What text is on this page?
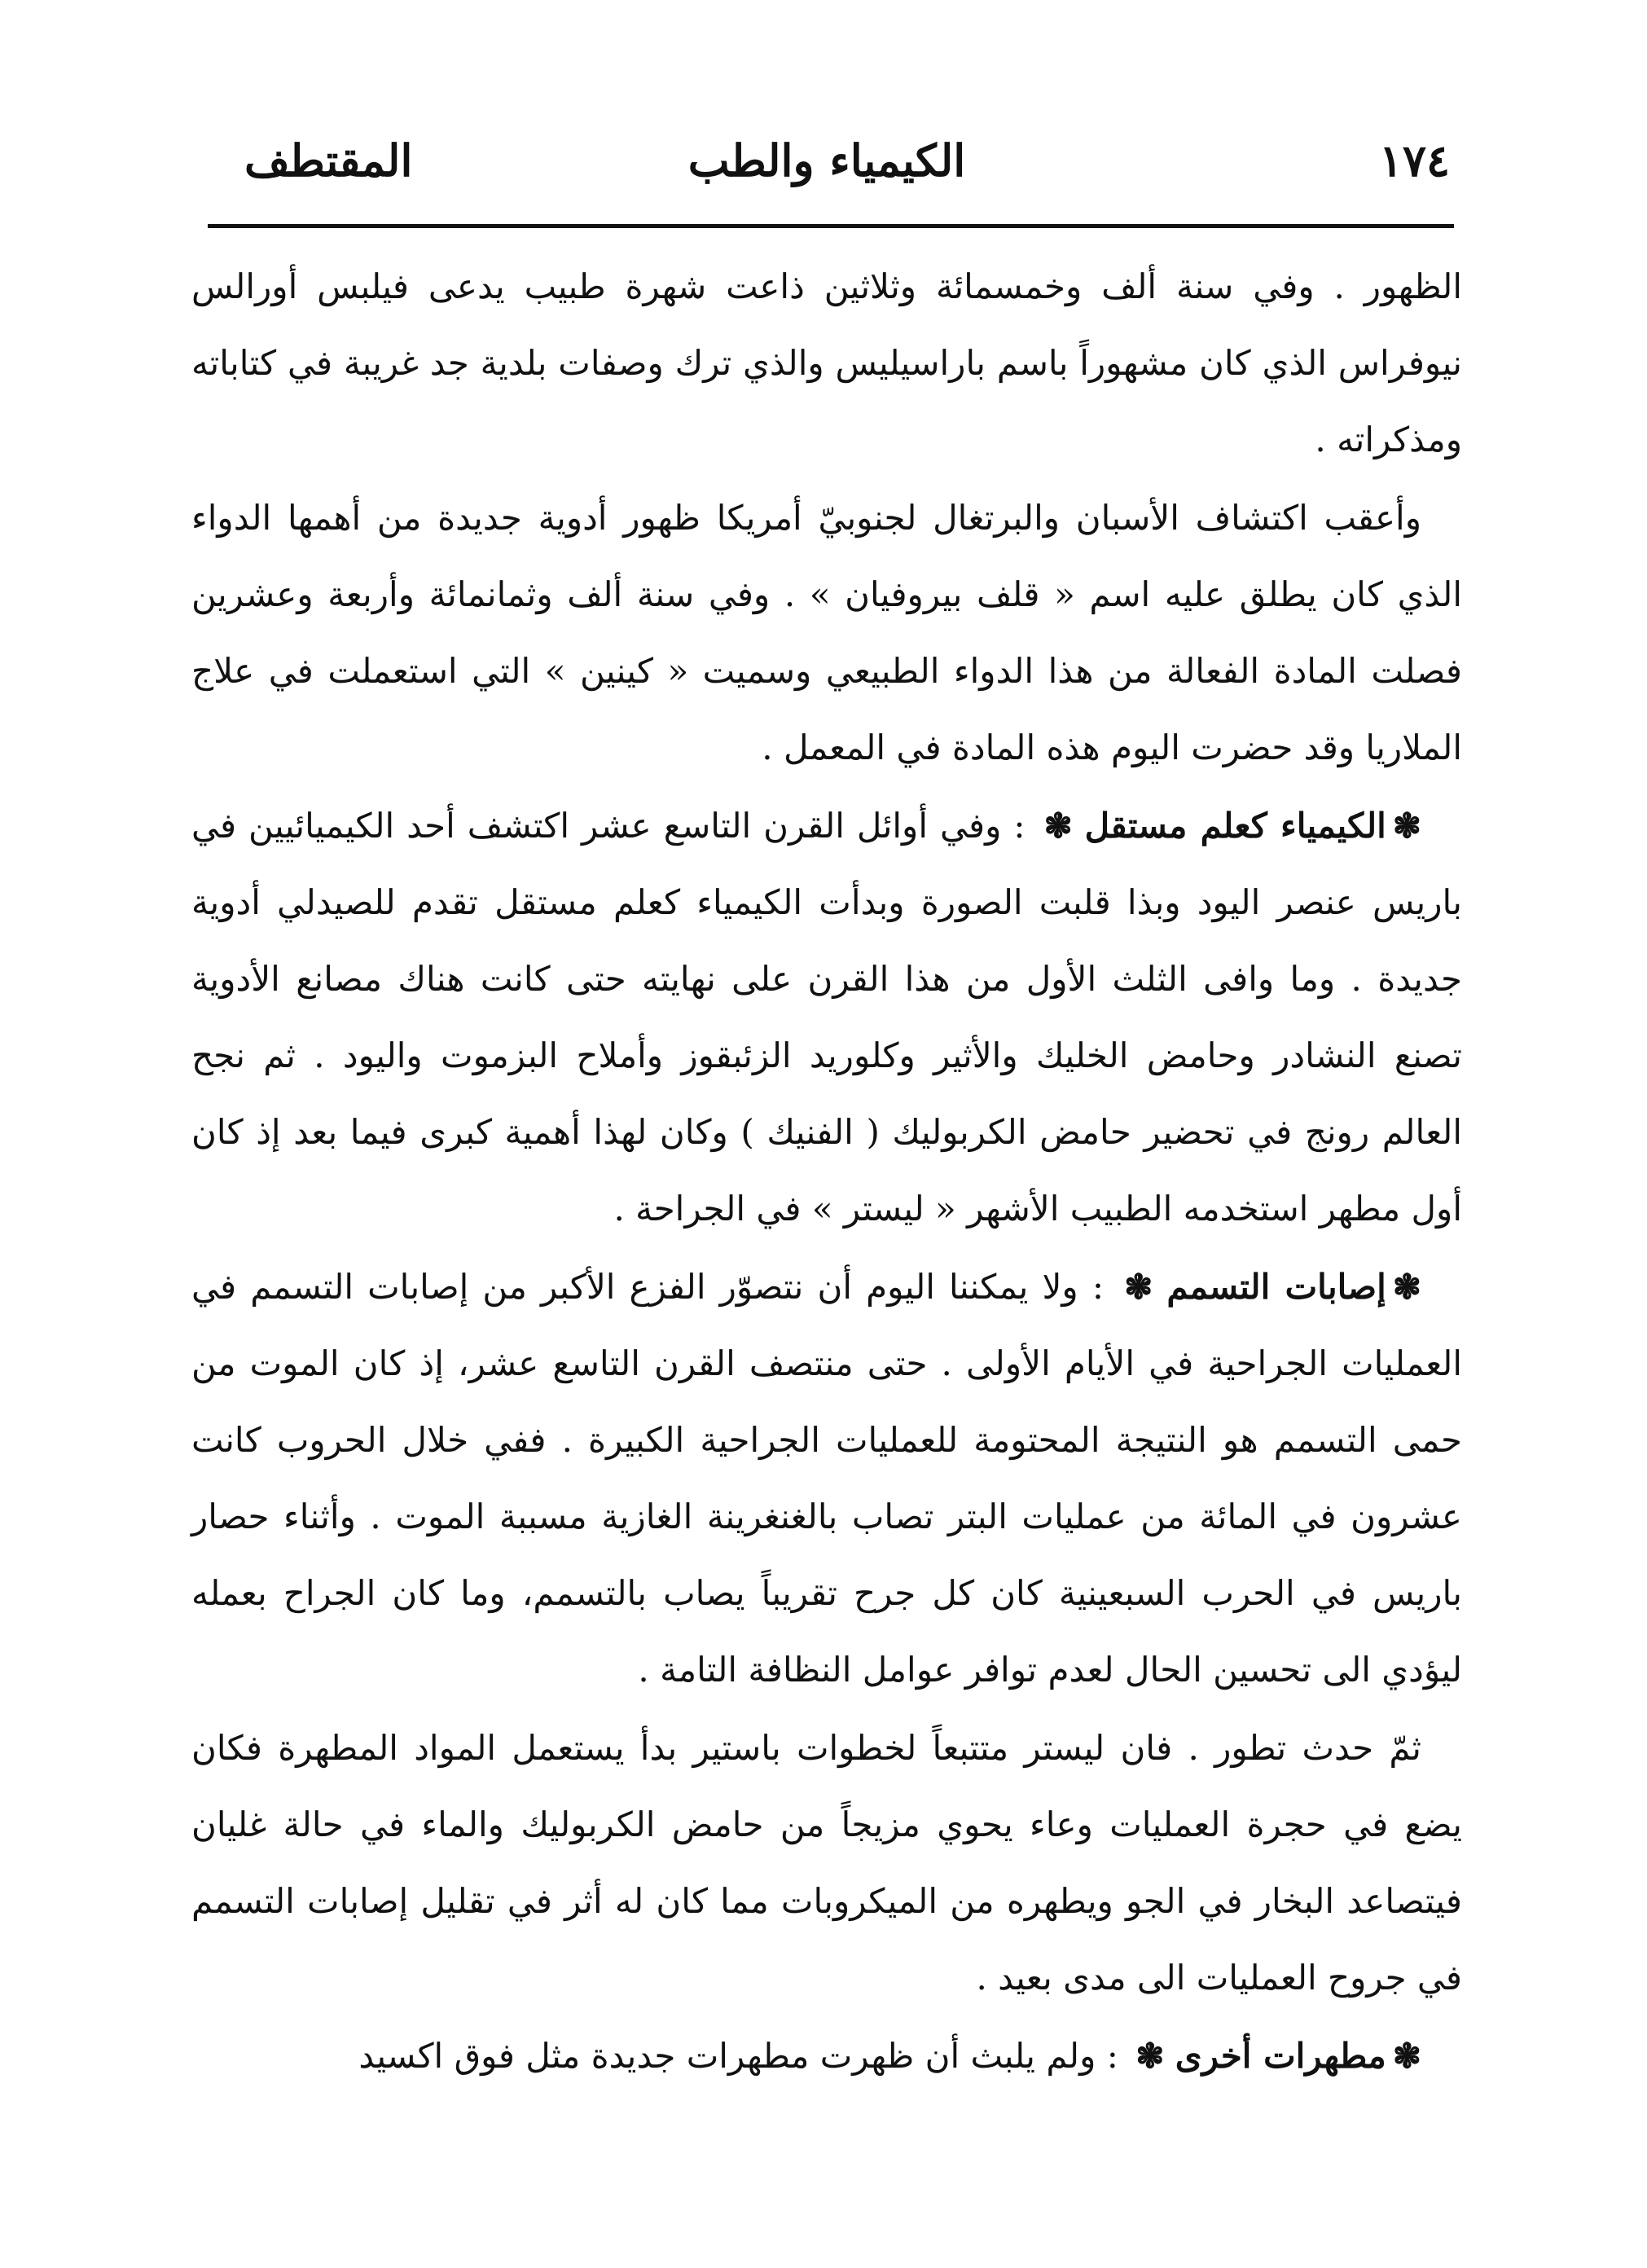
١٧٤
الكيمياء والطب
المقتطف

الظهور . وفي سنة ألف وخمسمائة وثلاثين ذاعت شهرة طبيب يدعى فيلبس أورالس نيوفراس الذي كان مشهوراً باسم باراسيليس والذي ترك وصفات بلدية جد غريبة في كتاباته ومذكراته .

وأعقب اكتشاف الأسبان والبرتغال لجنوبيّ أمريكا ظهور أدوية جديدة من أهمها الدواء الذي كان يطلق عليه اسم « قلف بيروفيان » . وفي سنة ألف وثمانمائة وأربعة وعشرين فصلت المادة الفعالة من هذا الدواء الطبيعي وسميت « كينين » التي استعملت في علاج الملاريا وقد حضرت اليوم هذه المادة في المعمل .

❃الكيمياء كعلم مستقل ❃ : وفي أوائل القرن التاسع عشر اكتشف أحد الكيميائيين في باريس عنصر اليود وبذا قلبت الصورة وبدأت الكيمياء كعلم مستقل تقدم للصيدلي أدوية جديدة . وما وافى الثلث الأول من هذا القرن على نهايته حتى كانت هناك مصانع الأدوية تصنع النشادر وحامض الخليك والأثير وكلوريد الزئبقوز وأملاح البزموت واليود . ثم نجح العالم رونج في تحضير حامض الكربوليك ( الفنيك ) وكان لهذا أهمية كبرى فيما بعد إذ كان أول مطهر استخدمه الطبيب الأشهر « ليستر » في الجراحة .

❃إصابات التسمم ❃ : ولا يمكننا اليوم أن نتصوّر الفزع الأكبر من إصابات التسمم في العمليات الجراحية في الأيام الأولى . حتى منتصف القرن التاسع عشر، إذ كان الموت من حمى التسمم هو النتيجة المحتومة للعمليات الجراحية الكبيرة . ففي خلال الحروب كانت عشرون في المائة من عمليات البتر تصاب بالغنغرينة الغازية مسببة الموت . وأثناء حصار باريس في الحرب السبعينية كان كل جرح تقريباً يصاب بالتسمم، وما كان الجراح بعمله ليؤدي الى تحسين الحال لعدم توافر عوامل النظافة التامة .

ثمّ حدث تطور . فان ليستر متتبعاً لخطوات باستير بدأ يستعمل المواد المطهرة فكان يضع في حجرة العمليات وعاء يحوي مزيجاً من حامض الكربوليك والماء في حالة غليان فيتصاعد البخار في الجو ويطهره من الميكروبات مما كان له أثر في تقليل إصابات التسمم في جروح العمليات الى مدى بعيد .

❃مطهرات أخرى ❃ : ولم يلبث أن ظهرت مطهرات جديدة مثل فوق اكسيد
